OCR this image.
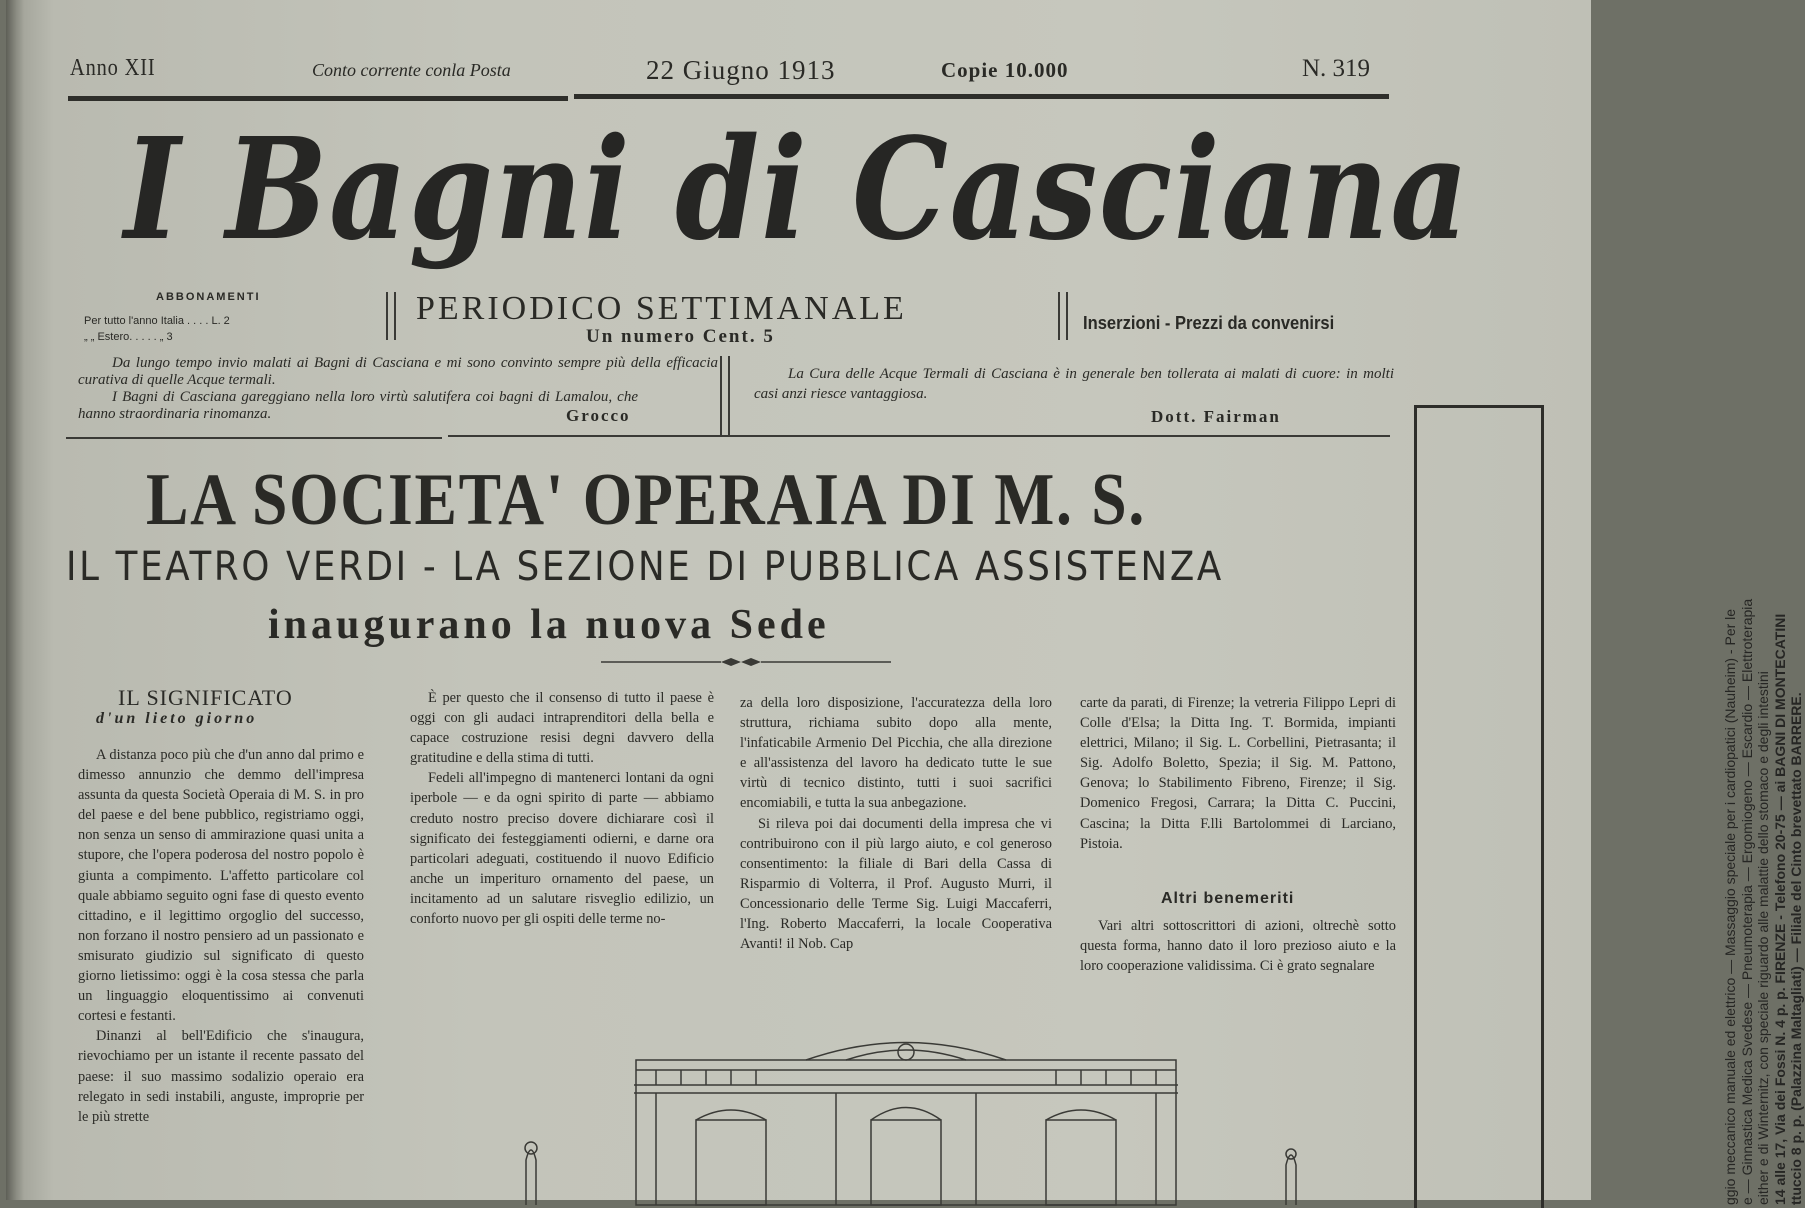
Anno XII	Conto corrente conla Posta	22 Giugno 1913	Copie 10.000	N. 319
I Bagni di Casciana
ABBONAMENTI
Per tutto l'anno Italia . . . . L. 2
„ „ Estero. . . . . „ 3
PERIODICO SETTIMANALE
Un numero Cent. 5
Inserzioni - Prezzi da convenirsi

Da lungo tempo invio malati ai Bagni di Casciana e mi sono convinto sempre più della efficacia curativa di quelle Acque termali.

I Bagni di Casciana gareggiano nella loro virtù salutifera coi bagni di Lamalou, che hanno straordinaria rinomanza.	Grocco
La Cura delle Acque Termali di Casciana è in generale ben tollerata ai malati di cuore: in molti casi anzi riesce vantaggiosa.
Dott. Fairman
LA SOCIETA' OPERAIA DI M. S.
IL TEATRO VERDI - LA SEZIONE DI PUBBLICA ASSISTENZA
inaugurano la nuova Sede
IL SIGNIFICATO
d'un lieto giorno

A distanza poco più che d'un anno dal primo e dimesso annunzio che demmo dell'impresa assunta da questa Società Operaia di M. S. in pro del paese e del bene pubblico, registriamo oggi, non senza un senso di ammirazione quasi unita a stupore, che l'opera poderosa del nostro popolo è giunta a compimento. L'affetto particolare col quale abbiamo seguito ogni fase di questo evento cittadino, e il legittimo orgoglio del successo, non forzano il nostro pensiero ad un passionato e smisurato giudizio sul significato di questo giorno lietissimo: oggi è la cosa stessa che parla un linguaggio eloquentissimo ai convenuti cortesi e festanti.

Dinanzi al bell'Edificio che s'inaugura, rievochiamo per un istante il recente passato del paese: il suo massimo sodalizio operaio era relegato in sedi instabili, anguste, improprie per le più strette

È per questo che il consenso di tutto il paese è oggi con gli audaci intraprenditori della bella e capace costruzione resisi degni davvero della gratitudine e della stima di tutti.

Fedeli all'impegno di mantenerci lontani da ogni iperbole — e da ogni spirito di parte — abbiamo creduto nostro preciso dovere dichiarare così il significato dei festeggiamenti odierni, e darne ora particolari adeguati, costituendo il nuovo Edificio anche un imperituro ornamento del paese, un incitamento ad un salutare risveglio edilizio, un conforto nuovo per gli ospiti delle terme no-

za della loro disposizione, l'accuratezza della loro struttura, richiama subito dopo alla mente, l'infaticabile Armenio Del Picchia, che alla direzione e all'assistenza del lavoro ha dedicato tutte le sue virtù di tecnico distinto, tutti i suoi sacrifici encomiabili, e tutta la sua anbegazione.

Si rileva poi dai documenti della impresa che vi contribuirono con il più largo aiuto, e col generoso consentimento: la filiale di Bari della Cassa di Risparmio di Volterra, il Prof. Augusto Murri, il Concessionario delle Terme Sig. Luigi Maccaferri, l'Ing. Roberto Maccaferri, la locale Cooperativa Avanti! il Nob. Cap

carte da parati, di Firenze; la vetreria Filippo Lepri di Colle d'Elsa; la Ditta Ing. T. Bormida, impianti elettrici, Milano; il Sig. L. Corbellini, Pietrasanta; il Sig. Adolfo Boletto, Spezia; il Sig. M. Pattono, Genova; lo Stabilimento Fibreno, Firenze; il Sig. Domenico Fregosi, Carrara; la Ditta C. Puccini, Cascina; la Ditta F.lli Bartolommei di Larciano, Pistoia.

Altri benemeriti

Vari altri sottoscrittori di azioni, oltrechè sotto questa forma, hanno dato il loro prezioso aiuto e la loro cooperazione validissima. Ci è grato segnalare	ggio meccanico manuale ed elettrico — Massaggio speciale per i cardiopatici (Nauheim) - Per le e — Ginnastica Medica Svedese — Pneumoterapia — Ergomiogeno — Escardio — Elettroterapia either e di Winternitz, con speciale riguardo alle malattie dello stomaco e degli intestini 14 alle 17, Via dei Fossi N. 4 p. p. FIRENZE - Telefono 20-75 — ai BAGNI DI MONTECATINI ttuccio 8 p. p. (Palazzina Maltagliati) — Filiale del Cinto brevettato BARRERE.
